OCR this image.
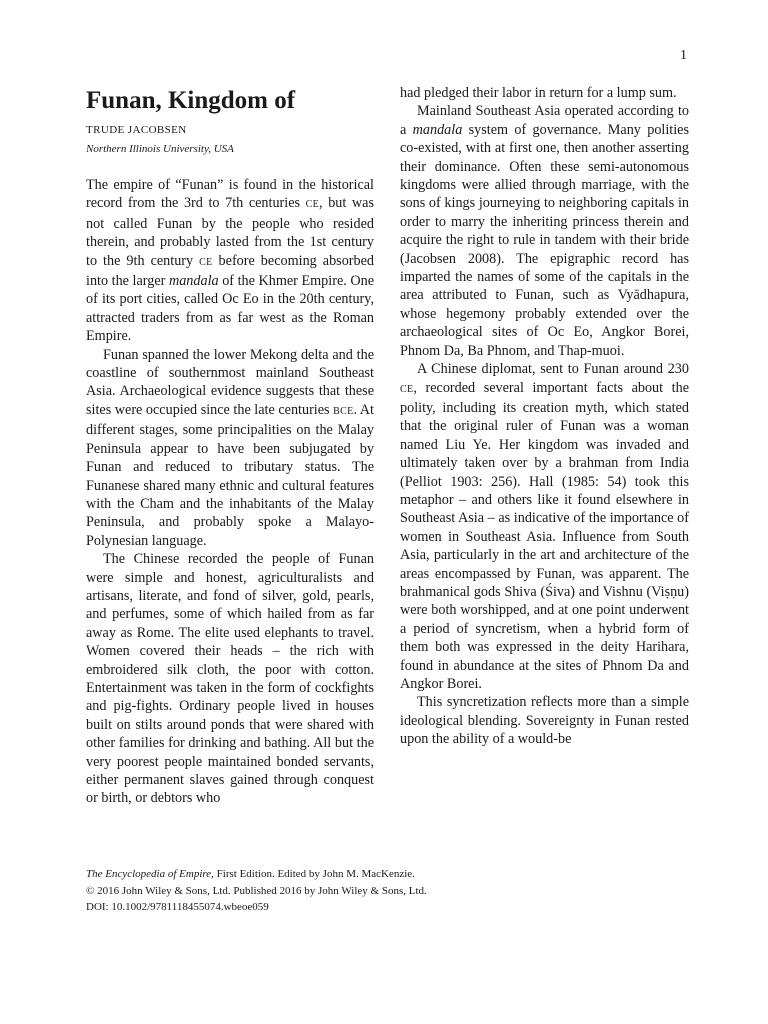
1
Funan, Kingdom of
TRUDE JACOBSEN
Northern Illinois University, USA

The empire of “Funan” is found in the historical record from the 3rd to 7th centuries CE, but was not called Funan by the people who resided therein, and probably lasted from the 1st century to the 9th century CE before becoming absorbed into the larger mandala of the Khmer Empire. One of its port cities, called Oc Eo in the 20th century, attracted traders from as far west as the Roman Empire.

Funan spanned the lower Mekong delta and the coastline of southernmost mainland Southeast Asia. Archaeological evidence suggests that these sites were occupied since the late centuries BCE. At different stages, some principalities on the Malay Peninsula appear to have been subjugated by Funan and reduced to tributary status. The Funanese shared many ethnic and cultural features with the Cham and the inhabitants of the Malay Peninsula, and probably spoke a Malayo-Polynesian language.

The Chinese recorded the people of Funan were simple and honest, agriculturalists and artisans, literate, and fond of silver, gold, pearls, and perfumes, some of which hailed from as far away as Rome. The elite used elephants to travel. Women covered their heads – the rich with embroidered silk cloth, the poor with cotton. Entertainment was taken in the form of cockfights and pig-fights. Ordinary people lived in houses built on stilts around ponds that were shared with other families for drinking and bathing. All but the very poorest people maintained bonded servants, either permanent slaves gained through conquest or birth, or debtors who

had pledged their labor in return for a lump sum.

Mainland Southeast Asia operated according to a mandala system of governance. Many polities co-existed, with at first one, then another asserting their dominance. Often these semi-autonomous kingdoms were allied through marriage, with the sons of kings journeying to neighboring capitals in order to marry the inheriting princess therein and acquire the right to rule in tandem with their bride (Jacobsen 2008). The epigraphic record has imparted the names of some of the capitals in the area attributed to Funan, such as Vyādhapura, whose hegemony probably extended over the archaeological sites of Oc Eo, Angkor Borei, Phnom Da, Ba Phnom, and Thap-muoi.

A Chinese diplomat, sent to Funan around 230 CE, recorded several important facts about the polity, including its creation myth, which stated that the original ruler of Funan was a woman named Liu Ye. Her kingdom was invaded and ultimately taken over by a brahman from India (Pelliot 1903: 256). Hall (1985: 54) took this metaphor – and others like it found elsewhere in Southeast Asia – as indicative of the importance of women in Southeast Asia. Influence from South Asia, particularly in the art and architecture of the areas encompassed by Funan, was apparent. The brahmanical gods Shiva (Śiva) and Vishnu (Viṣṇu) were both worshipped, and at one point underwent a period of syncretism, when a hybrid form of them both was expressed in the deity Harihara, found in abundance at the sites of Phnom Da and Angkor Borei.

This syncretization reflects more than a simple ideological blending. Sovereignty in Funan rested upon the ability of a would-be

The Encyclopedia of Empire, First Edition. Edited by John M. MacKenzie.
© 2016 John Wiley & Sons, Ltd. Published 2016 by John Wiley & Sons, Ltd.
DOI: 10.1002/9781118455074.wbeoe059
